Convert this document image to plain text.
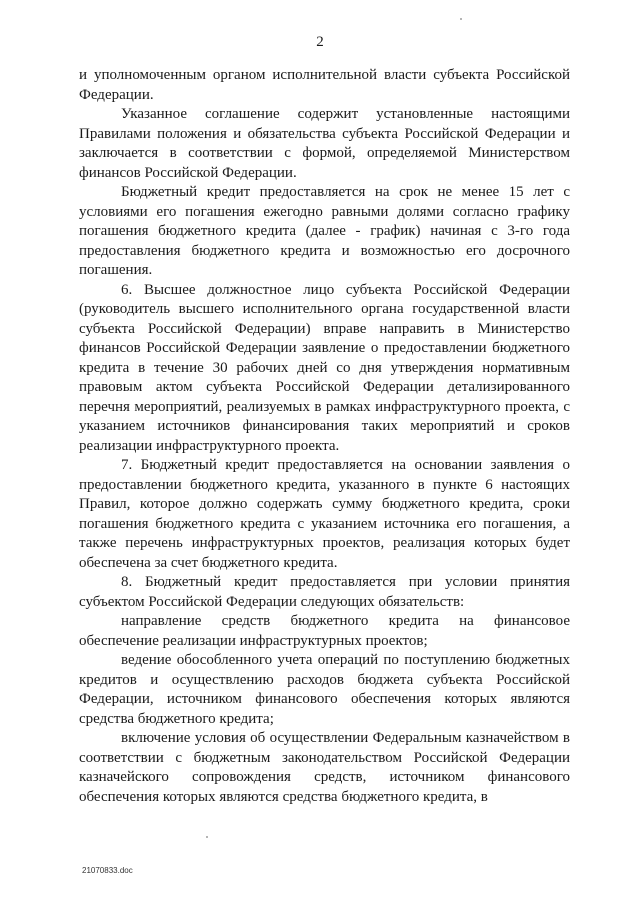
2

и уполномоченным органом исполнительной власти субъекта Российской Федерации.

Указанное соглашение содержит установленные настоящими Правилами положения и обязательства субъекта Российской Федерации и заключается в соответствии с формой, определяемой Министерством финансов Российской Федерации.

Бюджетный кредит предоставляется на срок не менее 15 лет с условиями его погашения ежегодно равными долями согласно графику погашения бюджетного кредита (далее - график) начиная с 3-го года предоставления бюджетного кредита и возможностью его досрочного погашения.

6. Высшее должностное лицо субъекта Российской Федерации (руководитель высшего исполнительного органа государственной власти субъекта Российской Федерации) вправе направить в Министерство финансов Российской Федерации заявление о предоставлении бюджетного кредита в течение 30 рабочих дней со дня утверждения нормативным правовым актом субъекта Российской Федерации детализированного перечня мероприятий, реализуемых в рамках инфраструктурного проекта, с указанием источников финансирования таких мероприятий и сроков реализации инфраструктурного проекта.

7. Бюджетный кредит предоставляется на основании заявления о предоставлении бюджетного кредита, указанного в пункте 6 настоящих Правил, которое должно содержать сумму бюджетного кредита, сроки погашения бюджетного кредита с указанием источника его погашения, а также перечень инфраструктурных проектов, реализация которых будет обеспечена за счет бюджетного кредита.

8. Бюджетный кредит предоставляется при условии принятия субъектом Российской Федерации следующих обязательств:

направление средств бюджетного кредита на финансовое обеспечение реализации инфраструктурных проектов;

ведение обособленного учета операций по поступлению бюджетных кредитов и осуществлению расходов бюджета субъекта Российской Федерации, источником финансового обеспечения которых являются средства бюджетного кредита;

включение условия об осуществлении Федеральным казначейством в соответствии с бюджетным законодательством Российской Федерации казначейского сопровождения средств, источником финансового обеспечения которых являются средства бюджетного кредита, в

21070833.doc
